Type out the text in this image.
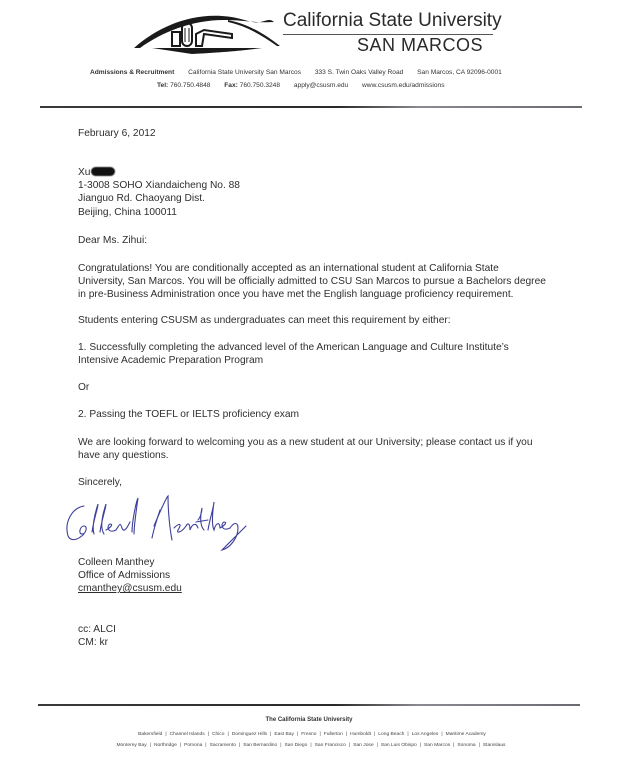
California State University
SAN MARCOS
Admissions & Recruitment California State University San Marcos 333 S. Twin Oaks Valley Road San Marcos, CA 92096-0001
Tel: 760.750.4848 Fax: 760.750.3248 apply@csusm.edu www.csusm.edu/admissions
February 6, 2012
Xu
1-3008 SOHO Xiandaicheng No. 88
Jianguo Rd. Chaoyang Dist.
Beijing, China 100011
Dear Ms. Zihui:
Congratulations! You are conditionally accepted as an international student at California State
University, San Marcos. You will be officially admitted to CSU San Marcos to pursue a Bachelors degree
in pre-Business Administration once you have met the English language proficiency requirement.
Students entering CSUSM as undergraduates can meet this requirement by either:
1. Successfully completing the advanced level of the American Language and Culture Institute’s
Intensive Academic Preparation Program
Or
2. Passing the TOEFL or IELTS proficiency exam
We are looking forward to welcoming you as a new student at our University; please contact us if you
have any questions.
Sincerely,
Colleen Manthey
Office of Admissions
cmanthey@csusm.edu
cc: ALCI
CM: kr
The California State University
Bakersfield | Channel Islands | Chico | Dominguez Hills | East Bay | Fresno | Fullerton | Humboldt | Long Beach | Los Angeles | Maritime Academy
Monterey Bay | Northridge | Pomona | Sacramento | San Bernardino | San Diego | San Francisco | San Jose | San Luis Obispo | San Marcos | Sonoma | Stanislaus
